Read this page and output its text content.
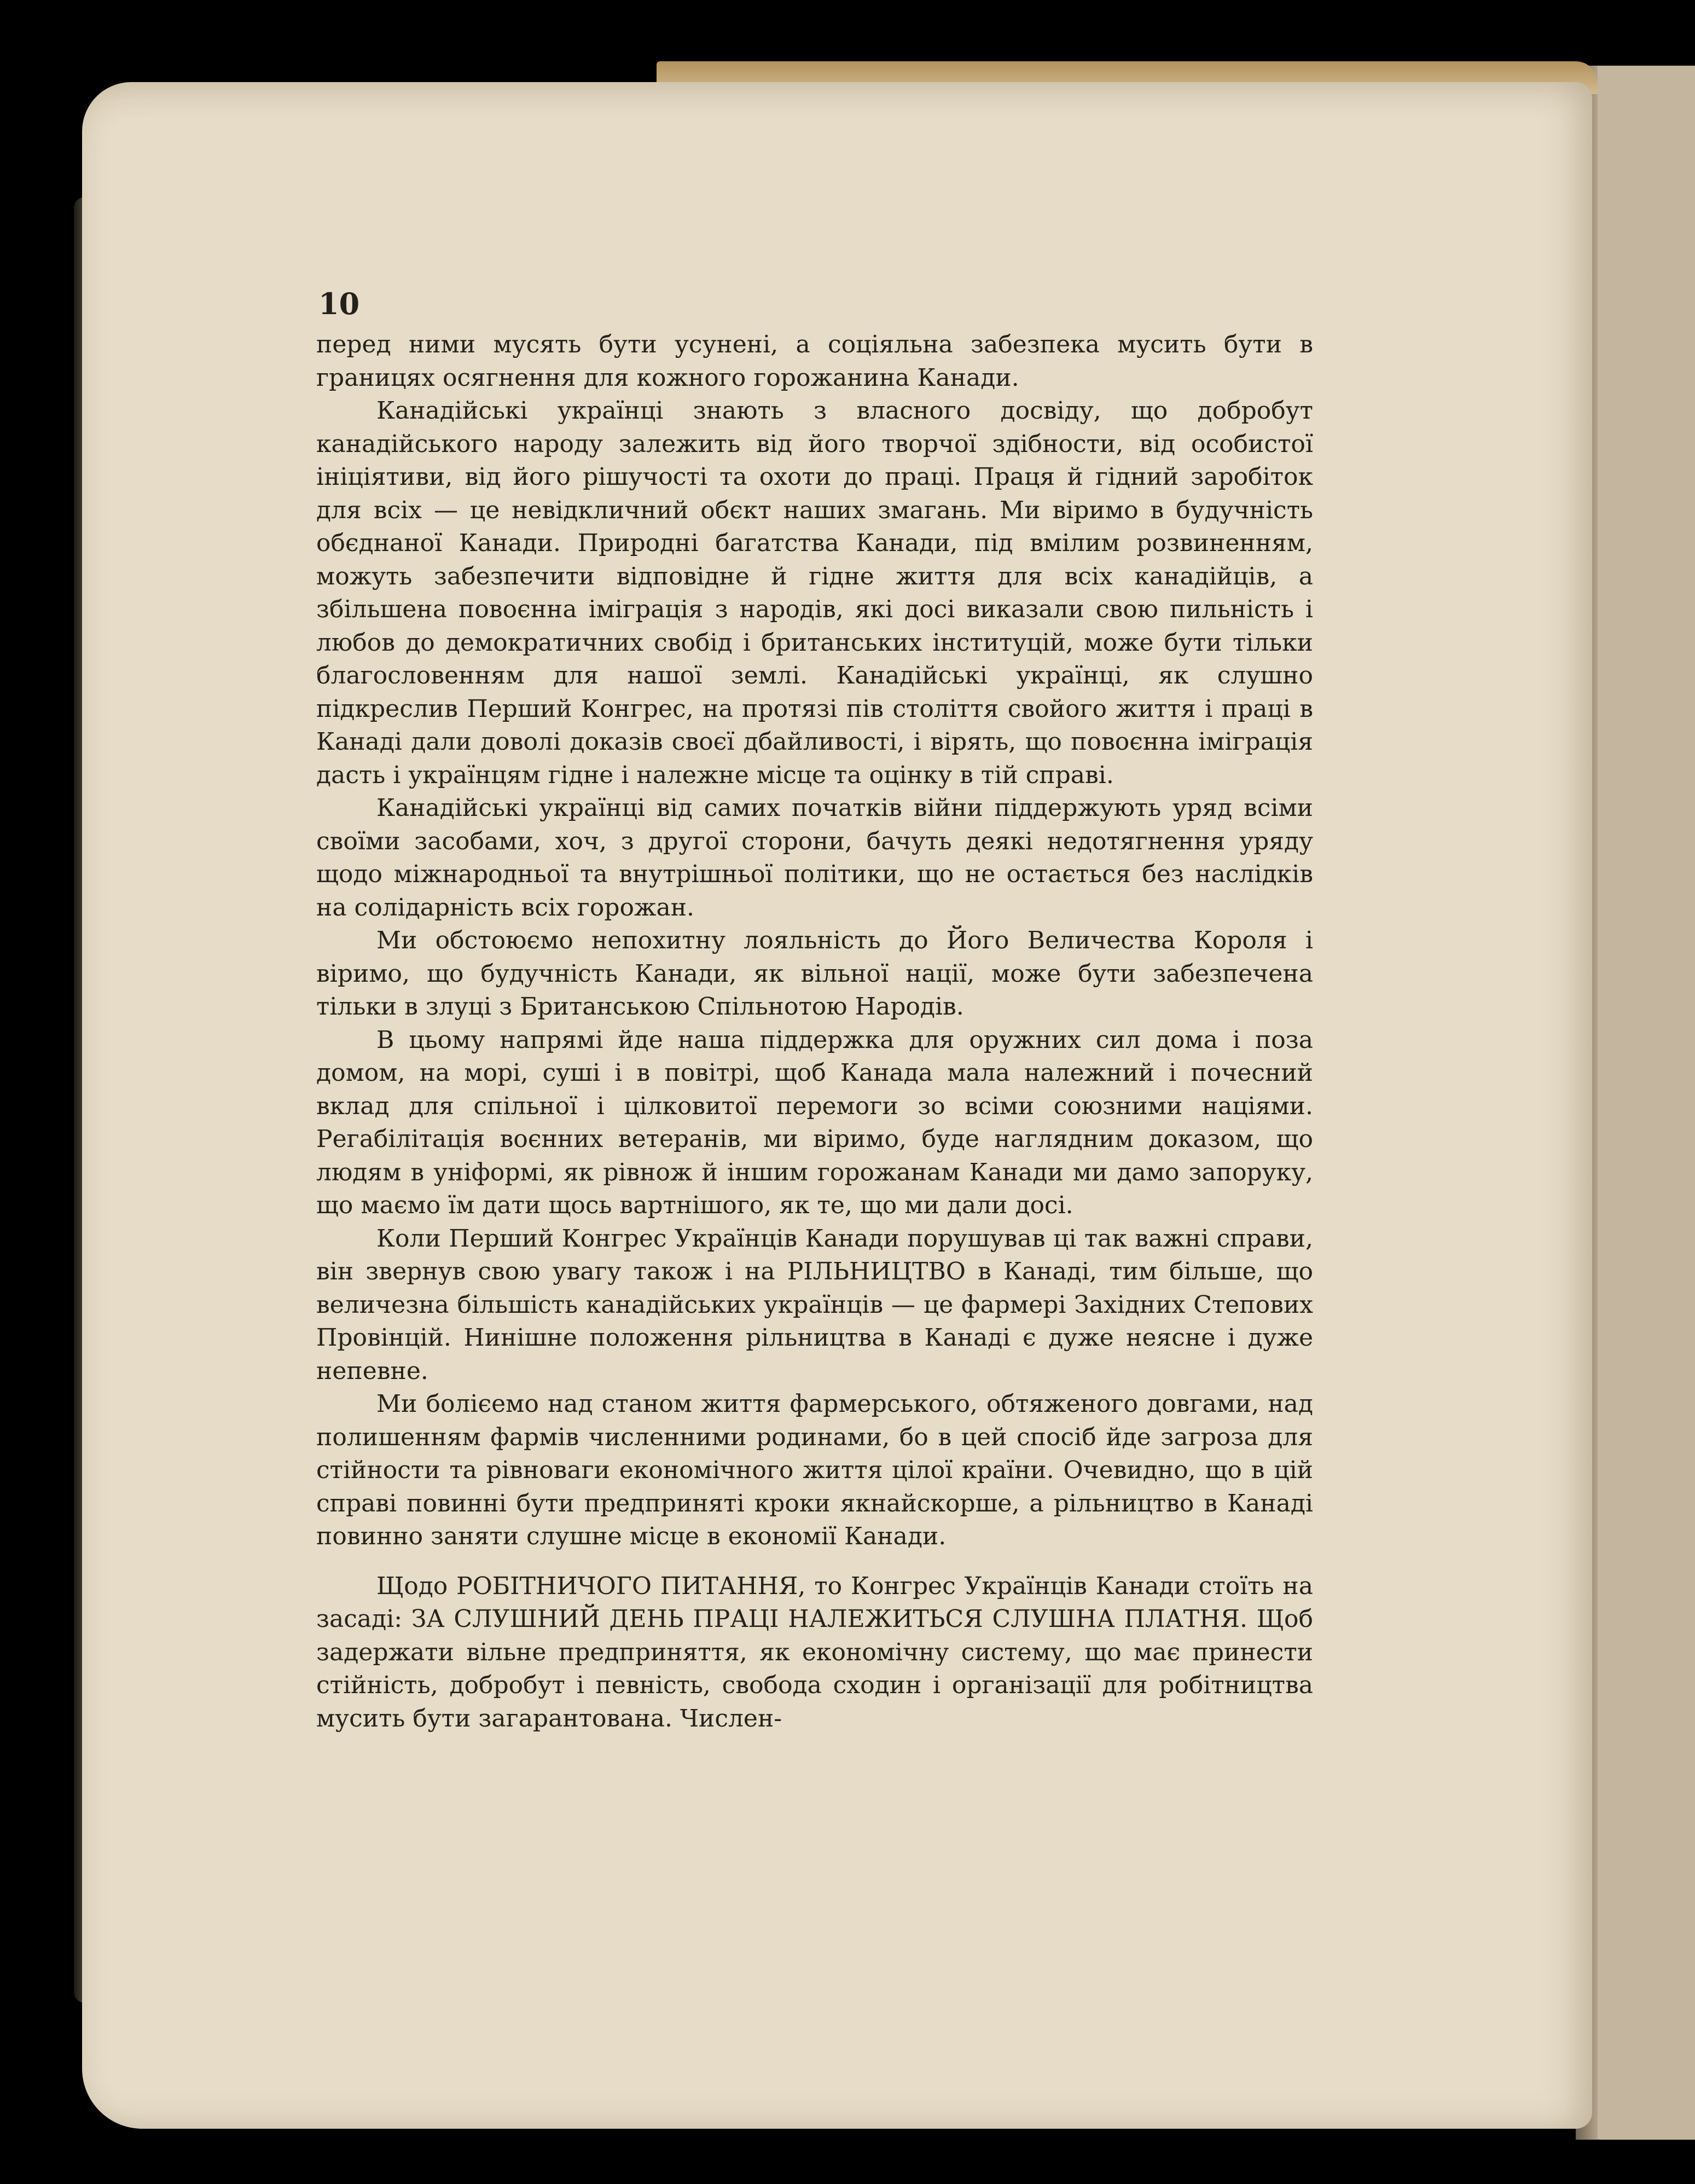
10

перед ними мусять бути усунені, а соціяльна забезпека мусить бути в границях осягнення для кожного горожанина Канади.

Канадійські українці знають з власного досвіду, що добробут канадійського народу залежить від його творчої здібности, від особистої ініціятиви, від його рішучості та охоти до праці. Праця й гідний заробіток для всіх — це невідкличний обєкт наших змагань. Ми віримо в будучність обєднаної Канади. Природні багатства Канади, під вмілим розвиненням, можуть забезпечити відповідне й гідне життя для всіх канадійців, а збільшена повоєнна іміграція з народів, які досі виказали свою пильність і любов до демократичних свобід і британських інституцій, може бути тільки благословенням для нашої землі. Канадійські українці, як слушно підкреслив Перший Конгрес, на протязі пів століття свойого життя і праці в Канаді дали доволі доказів своєї дбайливості, і вірять, що повоєнна іміграція дасть і українцям гідне і належне місце та оцінку в тій справі.

Канадійські українці від самих початків війни піддержують уряд всіми своїми засобами, хоч, з другої сторони, бачуть деякі недотягнення уряду щодо міжнародньої та внутрішньої політики, що не остається без наслідків на солідарність всіх горожан.

Ми обстоюємо непохитну лояльність до Його Величества Короля і віримо, що будучність Канади, як вільної нації, може бути забезпечена тільки в злуці з Британською Спільнотою Народів.

В цьому напрямі йде наша піддержка для оружних сил дома і поза домом, на морі, суші і в повітрі, щоб Канада мала належний і почесний вклад для спільної і цілковитої перемоги зо всіми союзними націями. Регабілітація воєнних ветеранів, ми віримо, буде наглядним доказом, що людям в уніформі, як рівнож й іншим горожанам Канади ми дамо запоруку, що маємо їм дати щось вартнішого, як те, що ми дали досі.

Коли Перший Конгрес Українців Канади порушував ці так важні справи, він звернув свою увагу також і на РІЛЬНИЦТВО в Канаді, тим більше, що величезна більшість канадійських українців — це фармері Західних Степових Провінцій. Нинішне положення рільництва в Канаді є дуже неясне і дуже непевне.

Ми болієемо над станом життя фармерського, обтяженого довгами, над полишенням фармів численними родинами, бо в цей спосіб йде загроза для стійности та рівноваги економічного життя цілої країни. Очевидно, що в цій справі повинні бути предприняті кроки якнайскорше, а рільництво в Канаді повинно заняти слушне місце в економії Канади.

Щодо РОБІТНИЧОГО ПИТАННЯ, то Конгрес Українців Канади стоїть на засаді: ЗА СЛУШНИЙ ДЕНЬ ПРАЦІ НАЛЕЖИТЬСЯ СЛУШНА ПЛАТНЯ. Щоб задержати вільне предприняття, як економічну систему, що має принести стійність, добробут і певність, свобода сходин і організації для робітництва мусить бути загарантована. Числен-
